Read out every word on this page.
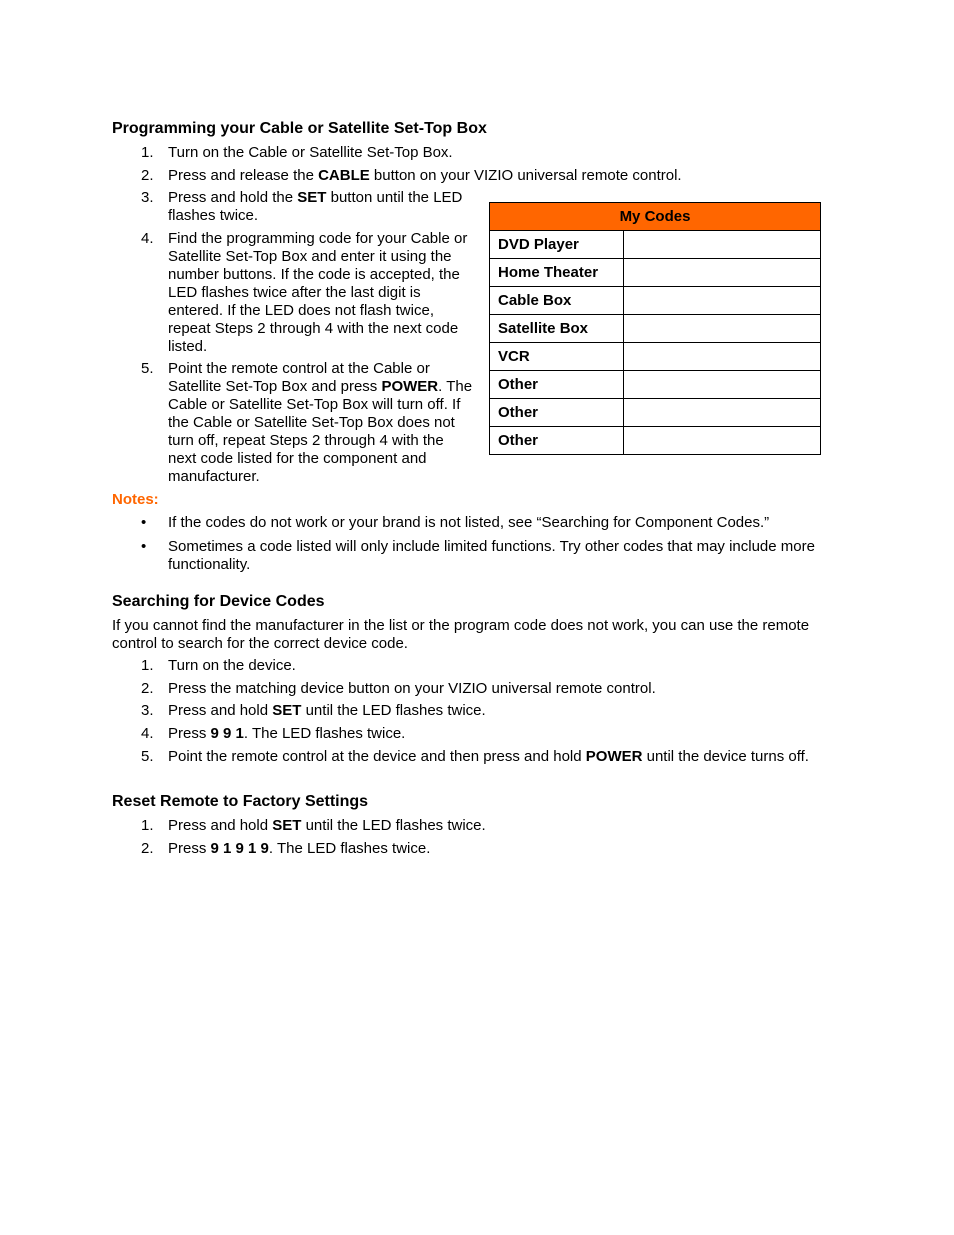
Programming your Cable or Satellite Set-Top Box
1. Turn on the Cable or Satellite Set-Top Box.
2. Press and release the CABLE button on your VIZIO universal remote control.
3. Press and hold the SET button until the LED flashes twice.
4. Find the programming code for your Cable or Satellite Set-Top Box and enter it using the number buttons. If the code is accepted, the LED flashes twice after the last digit is entered. If the LED does not flash twice, repeat Steps 2 through 4 with the next code listed.
5. Point the remote control at the Cable or Satellite Set-Top Box and press POWER. The Cable or Satellite Set-Top Box will turn off. If the Cable or Satellite Set-Top Box does not turn off, repeat Steps 2 through 4 with the next code listed for the component and manufacturer.
My Codes	
DVD Player	
Home Theater	
Cable Box	
Satellite Box	
VCR	
Other	
Other	
Other	
Notes:
• If the codes do not work or your brand is not listed, see “Searching for Component Codes.”
• Sometimes a code listed will only include limited functions. Try other codes that may include more functionality.
Searching for Device Codes
If you cannot find the manufacturer in the list or the program code does not work, you can use the remote control to search for the correct device code.
1. Turn on the device.
2. Press the matching device button on your VIZIO universal remote control.
3. Press and hold SET until the LED flashes twice.
4. Press 9 9 1. The LED flashes twice.
5. Point the remote control at the device and then press and hold POWER until the device turns off.
Reset Remote to Factory Settings
1. Press and hold SET until the LED flashes twice.
2. Press 9 1 9 1 9. The LED flashes twice.
